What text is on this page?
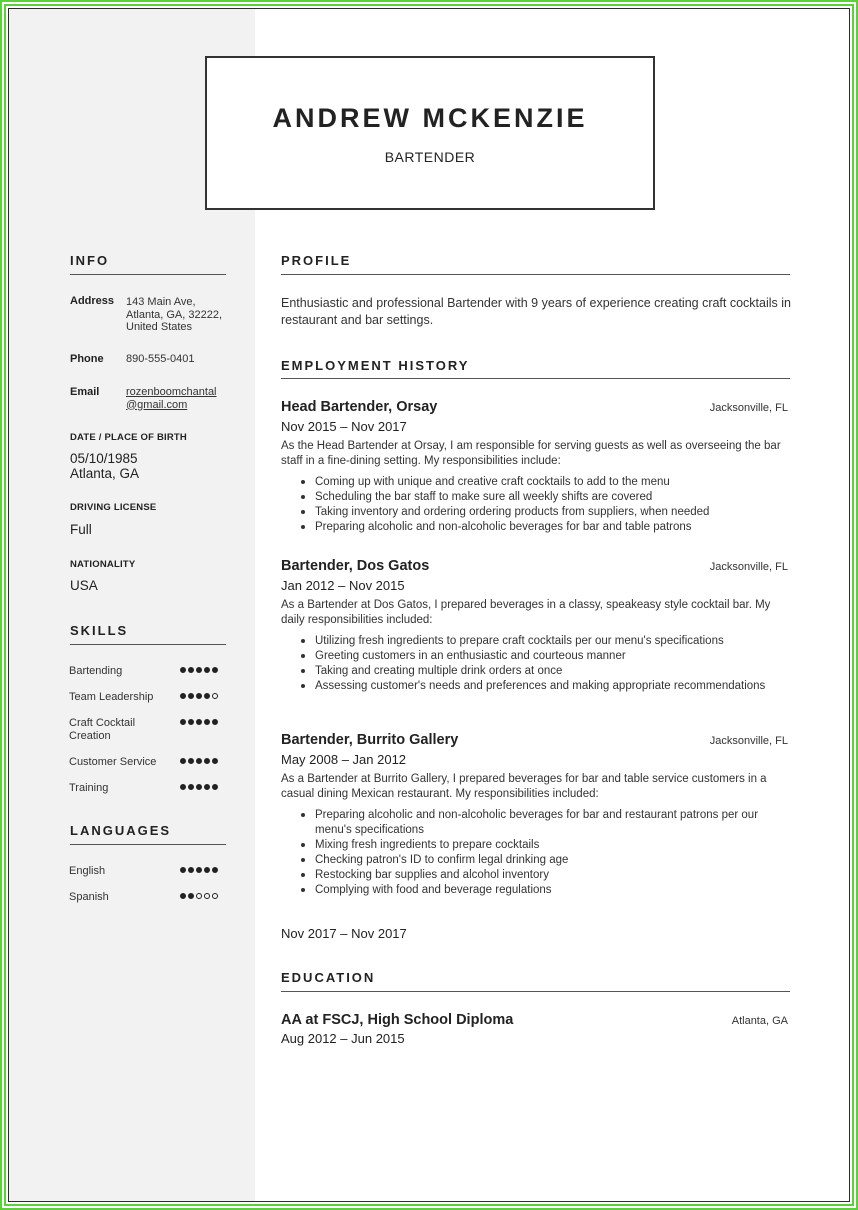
ANDREW MCKENZIE
BARTENDER
INFO
Address 143 Main Ave,
Atlanta, GA, 32222,
United States
Phone 890-555-0401
Email rozenboomchantal
@gmail.com
DATE / PLACE OF BIRTH
05/10/1985
Atlanta, GA
DRIVING LICENSE
Full
NATIONALITY
USA
SKILLS
Bartending
Team Leadership
Craft Cocktail Creation
Customer Service
Training
LANGUAGES
English
Spanish
PROFILE
Enthusiastic and professional Bartender with 9 years of experience creating craft cocktails in restaurant and bar settings.
EMPLOYMENT HISTORY
Head Bartender, Orsay	Jacksonville, FL
Nov 2015 – Nov 2017
As the Head Bartender at Orsay, I am responsible for serving guests as well as overseeing the bar staff in a fine-dining setting. My responsibilities include:
Coming up with unique and creative craft cocktails to add to the menu
Scheduling the bar staff to make sure all weekly shifts are covered
Taking inventory and ordering ordering products from suppliers, when needed
Preparing alcoholic and non-alcoholic beverages for bar and table patrons
Bartender, Dos Gatos	Jacksonville, FL
Jan 2012 – Nov 2015
As a Bartender at Dos Gatos, I prepared beverages in a classy, speakeasy style cocktail bar. My daily responsibilities included:
Utilizing fresh ingredients to prepare craft cocktails per our menu's specifications
Greeting customers in an enthusiastic and courteous manner
Taking and creating multiple drink orders at once
Assessing customer's needs and preferences and making appropriate recommendations
Bartender, Burrito Gallery	Jacksonville, FL
May 2008 – Jan 2012
As a Bartender at Burrito Gallery, I prepared beverages for bar and table service customers in a casual dining Mexican restaurant. My responsibilities included:
Preparing alcoholic and non-alcoholic beverages for bar and restaurant patrons per our menu's specifications
Mixing fresh ingredients to prepare cocktails
Checking patron's ID to confirm legal drinking age
Restocking bar supplies and alcohol inventory
Complying with food and beverage regulations
Nov 2017 – Nov 2017
EDUCATION
AA at FSCJ, High School Diploma	Atlanta, GA
Aug 2012 – Jun 2015
